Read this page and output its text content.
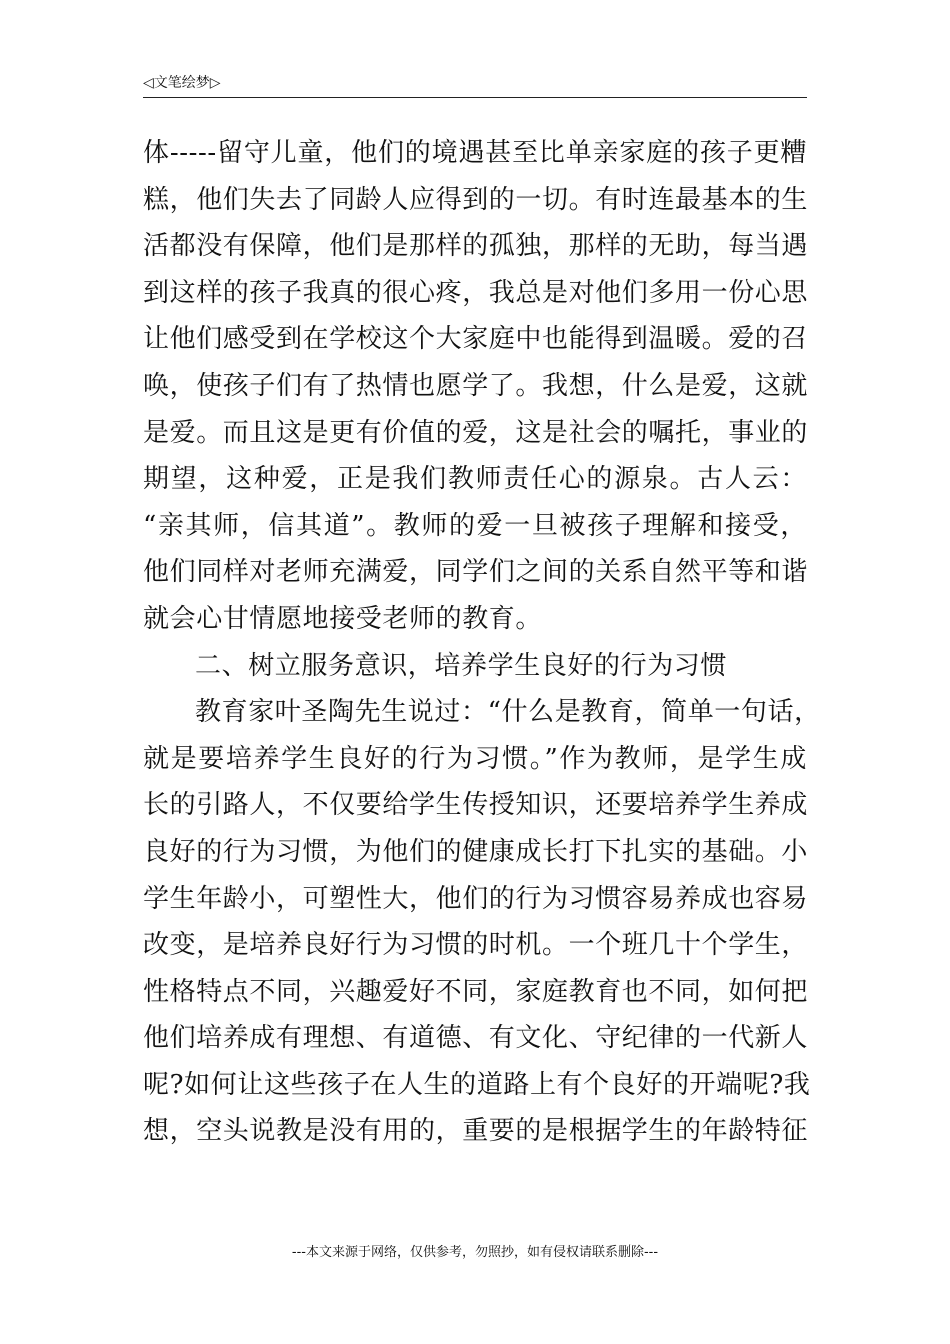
◁文笔绘梦▷
体-----留守儿童，他们的境遇甚至比单亲家庭的孩子更糟
糕，他们失去了同龄人应得到的一切。有时连最基本的生
活都没有保障，他们是那样的孤独，那样的无助，每当遇
到这样的孩子我真的很心疼，我总是对他们多用一份心思
让他们感受到在学校这个大家庭中也能得到温暖。爱的召
唤，使孩子们有了热情也愿学了。我想，什么是爱，这就
是爱。而且这是更有价值的爱，这是社会的嘱托，事业的
期望，这种爱，正是我们教师责任心的源泉。古人云：
“亲其师，信其道”。教师的爱一旦被孩子理解和接受，
他们同样对老师充满爱，同学们之间的关系自然平等和谐
就会心甘情愿地接受老师的教育。
二、树立服务意识，培养学生良好的行为习惯
教育家叶圣陶先生说过：“什么是教育，简单一句话，
就是要培养学生良好的行为习惯。”作为教师，是学生成
长的引路人，不仅要给学生传授知识，还要培养学生养成
良好的行为习惯，为他们的健康成长打下扎实的基础。小
学生年龄小，可塑性大，他们的行为习惯容易养成也容易
改变，是培养良好行为习惯的时机。一个班几十个学生，
性格特点不同，兴趣爱好不同，家庭教育也不同，如何把
他们培养成有理想、有道德、有文化、守纪律的一代新人
呢?如何让这些孩子在人生的道路上有个良好的开端呢?我
想，空头说教是没有用的，重要的是根据学生的年龄特征
---本文来源于网络，仅供参考，勿照抄，如有侵权请联系删除---
